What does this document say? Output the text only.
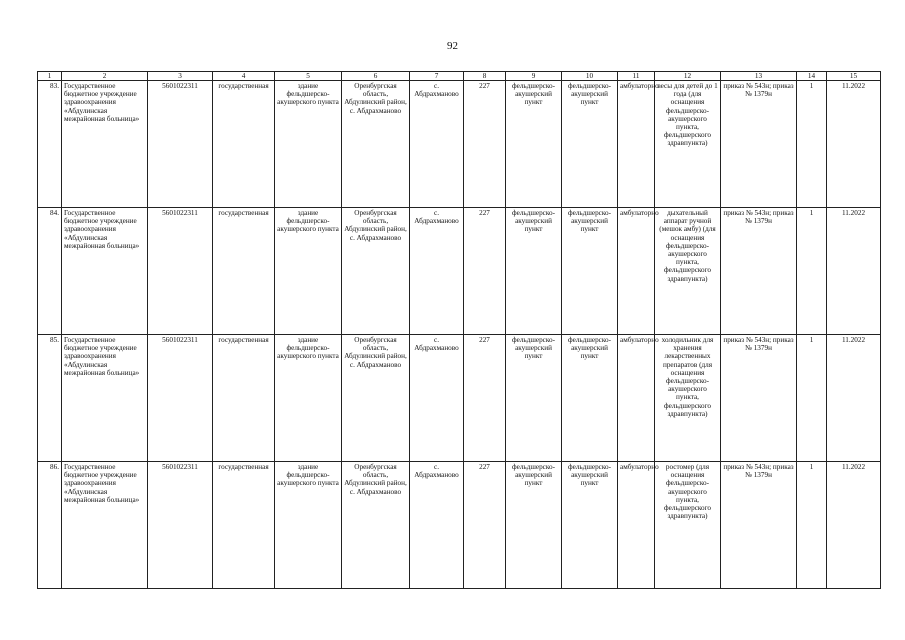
92
1	2	3	4	5	6	7	8	9	10	11	12	13	14	15
83.	Государственное бюджетное учреждение здравоохранения «Абдулинская межрайонная больница»	5601022311	государственная	здание фельдшерско-акушерского пункта	Оренбургская область, Абдулинский район, с. Абдрахманово	с. Абдрахманово	227	фельдшерско-акушерский пункт	фельдшерско-акушерский пункт	амбулаторно	весы для детей до 1 года (для оснащения фельдшерско-акушерского пункта, фельдшерского здравпункта)	приказ № 543н; приказ № 1379н	1	11.2022
84.	Государственное бюджетное учреждение здравоохранения «Абдулинская межрайонная больница»	5601022311	государственная	здание фельдшерско-акушерского пункта	Оренбургская область, Абдулинский район, с. Абдрахманово	с. Абдрахманово	227	фельдшерско-акушерский пункт	фельдшерско-акушерский пункт	амбулаторно	дыхательный аппарат ручной (мешок амбу) (для оснащения фельдшерско-акушерского пункта, фельдшерского здравпункта)	приказ № 543н; приказ № 1379н	1	11.2022
85.	Государственное бюджетное учреждение здравоохранения «Абдулинская межрайонная больница»	5601022311	государственная	здание фельдшерско-акушерского пункта	Оренбургская область, Абдулинский район, с. Абдрахманово	с. Абдрахманово	227	фельдшерско-акушерский пункт	фельдшерско-акушерский пункт	амбулаторно	холодильник для хранения лекарственных препаратов (для оснащения фельдшерско-акушерского пункта, фельдшерского здравпункта)	приказ № 543н; приказ № 1379н	1	11.2022
86.	Государственное бюджетное учреждение здравоохранения «Абдулинская межрайонная больница»	5601022311	государственная	здание фельдшерско-акушерского пункта	Оренбургская область, Абдулинский район, с. Абдрахманово	с. Абдрахманово	227	фельдшерско-акушерский пункт	фельдшерско-акушерский пункт	амбулаторно	ростомер (для оснащения фельдшерско-акушерского пункта, фельдшерского здравпункта)	приказ № 543н; приказ № 1379н	1	11.2022
